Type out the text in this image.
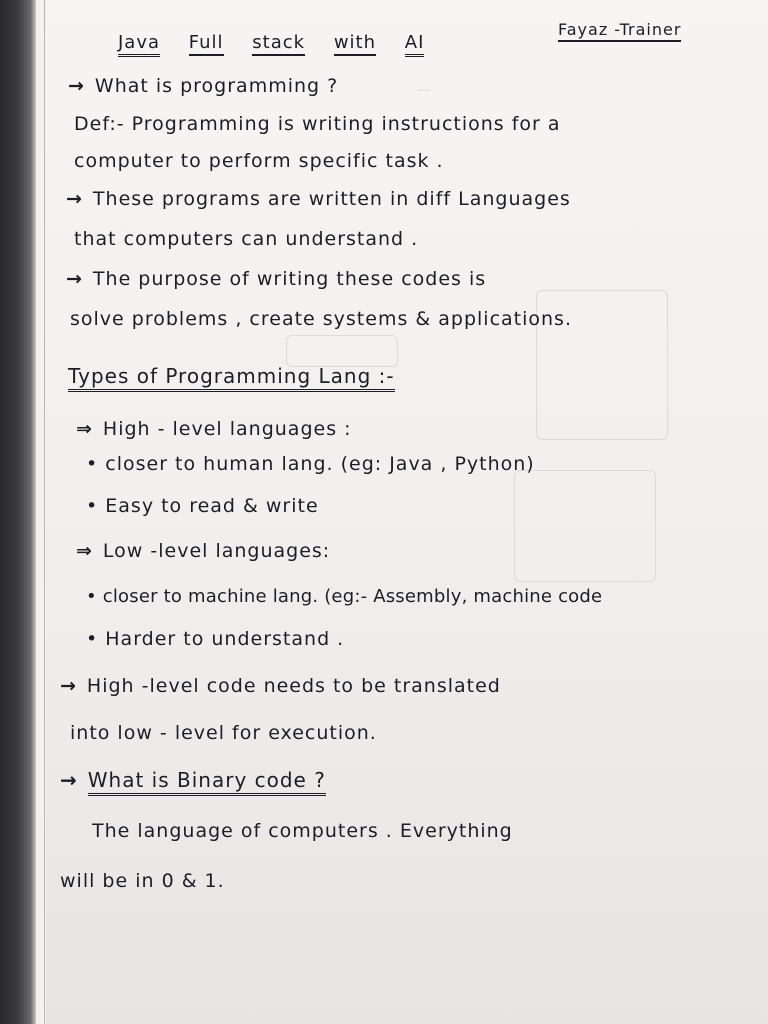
—
Java Full stack with AI
Fayaz -Trainer
→ What is programming ?
Def:- Programming is writing instructions for a
computer to perform specific task .
→ These programs are written in diff Languages
that computers can understand .
→ The purpose of writing these codes is
solve problems , create systems & applications.
Types of Programming Lang :-
⇒ High - level languages :
• closer to human lang. (eg: Java , Python)
• Easy to read & write
⇒ Low -level languages:
• closer to machine lang. (eg:- Assembly, machine code
• Harder to understand .
→ High -level code needs to be translated
into low - level for execution.
→ What is Binary code ?
The language of computers . Everything
will be in 0 & 1.
